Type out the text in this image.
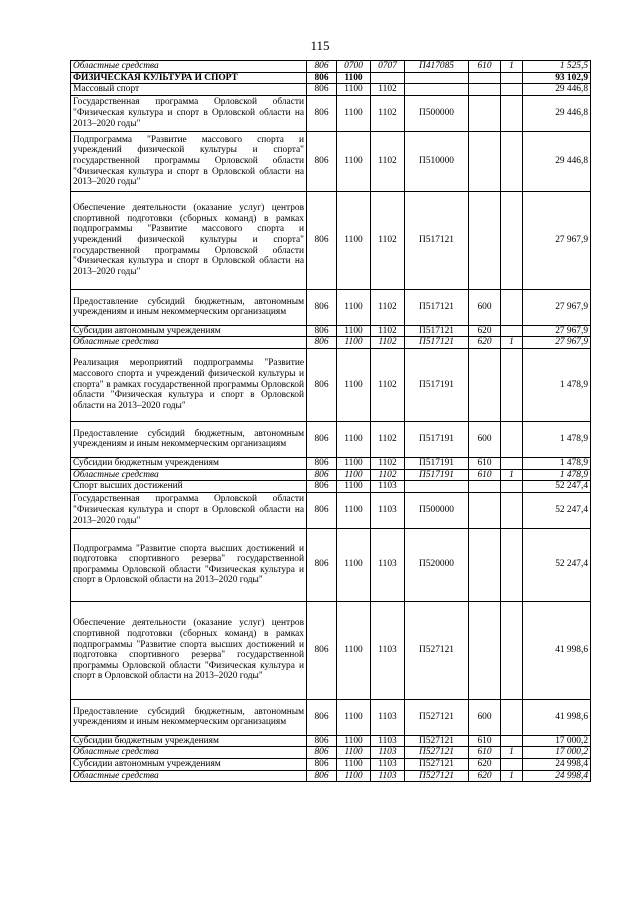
115
Областные средства	806	0700	0707	П417085	610	1	1 525,5
ФИЗИЧЕСКАЯ КУЛЬТУРА И СПОРТ	806	1100					93 102,9
Массовый спорт	806	1100	1102				29 446,8
Государственная программа Орловской области "Физическая культура и спорт в Орловской области на 2013–2020 годы"	806	1100	1102	П500000			29 446,8
Подпрограмма "Развитие массового спорта и учреждений физической культуры и спорта" государственной программы Орловской области "Физическая культура и спорт в Орловской области на 2013–2020 годы"	806	1100	1102	П510000			29 446,8
Обеспечение деятельности (оказание услуг) центров спортивной подготовки (сборных команд) в рамках подпрограммы "Развитие массового спорта и учреждений физической культуры и спорта" государственной программы Орловской области "Физическая культура и спорт в Орловской области на 2013–2020 годы"	806	1100	1102	П517121			27 967,9
Предоставление субсидий бюджетным, автономным учреждениям и иным некоммерческим организациям	806	1100	1102	П517121	600		27 967,9
Субсидии автономным учреждениям	806	1100	1102	П517121	620		27 967,9
Областные средства	806	1100	1102	П517121	620	1	27 967,9
Реализация мероприятий подпрограммы "Развитие массового спорта и учреждений физической культуры и спорта" в рамках государственной программы Орловской области "Физическая культура и спорт в Орловской области на 2013–2020 годы"	806	1100	1102	П517191			1 478,9
Предоставление субсидий бюджетным, автономным учреждениям и иным некоммерческим организациям	806	1100	1102	П517191	600		1 478,9
Субсидии бюджетным учреждениям	806	1100	1102	П517191	610		1 478,9
Областные средства	806	1100	1102	П517191	610	1	1 478,9
Спорт высших достижений	806	1100	1103				52 247,4
Государственная программа Орловской области "Физическая культура и спорт в Орловской области на 2013–2020 годы"	806	1100	1103	П500000			52 247,4
Подпрограмма "Развитие спорта высших достижений и подготовка спортивного резерва" государственной программы Орловской области "Физическая культура и спорт в Орловской области на 2013–2020 годы"	806	1100	1103	П520000			52 247,4
Обеспечение деятельности (оказание услуг) центров спортивной подготовки (сборных команд) в рамках подпрограммы "Развитие спорта высших достижений и подготовка спортивного резерва" государственной программы Орловской области "Физическая культура и спорт в Орловской области на 2013–2020 годы"	806	1100	1103	П527121			41 998,6
Предоставление субсидий бюджетным, автономным учреждениям и иным некоммерческим организациям	806	1100	1103	П527121	600		41 998,6
Субсидии бюджетным учреждениям	806	1100	1103	П527121	610		17 000,2
Областные средства	806	1100	1103	П527121	610	1	17 000,2
Субсидии автономным учреждениям	806	1100	1103	П527121	620		24 998,4
Областные средства	806	1100	1103	П527121	620	1	24 998,4
